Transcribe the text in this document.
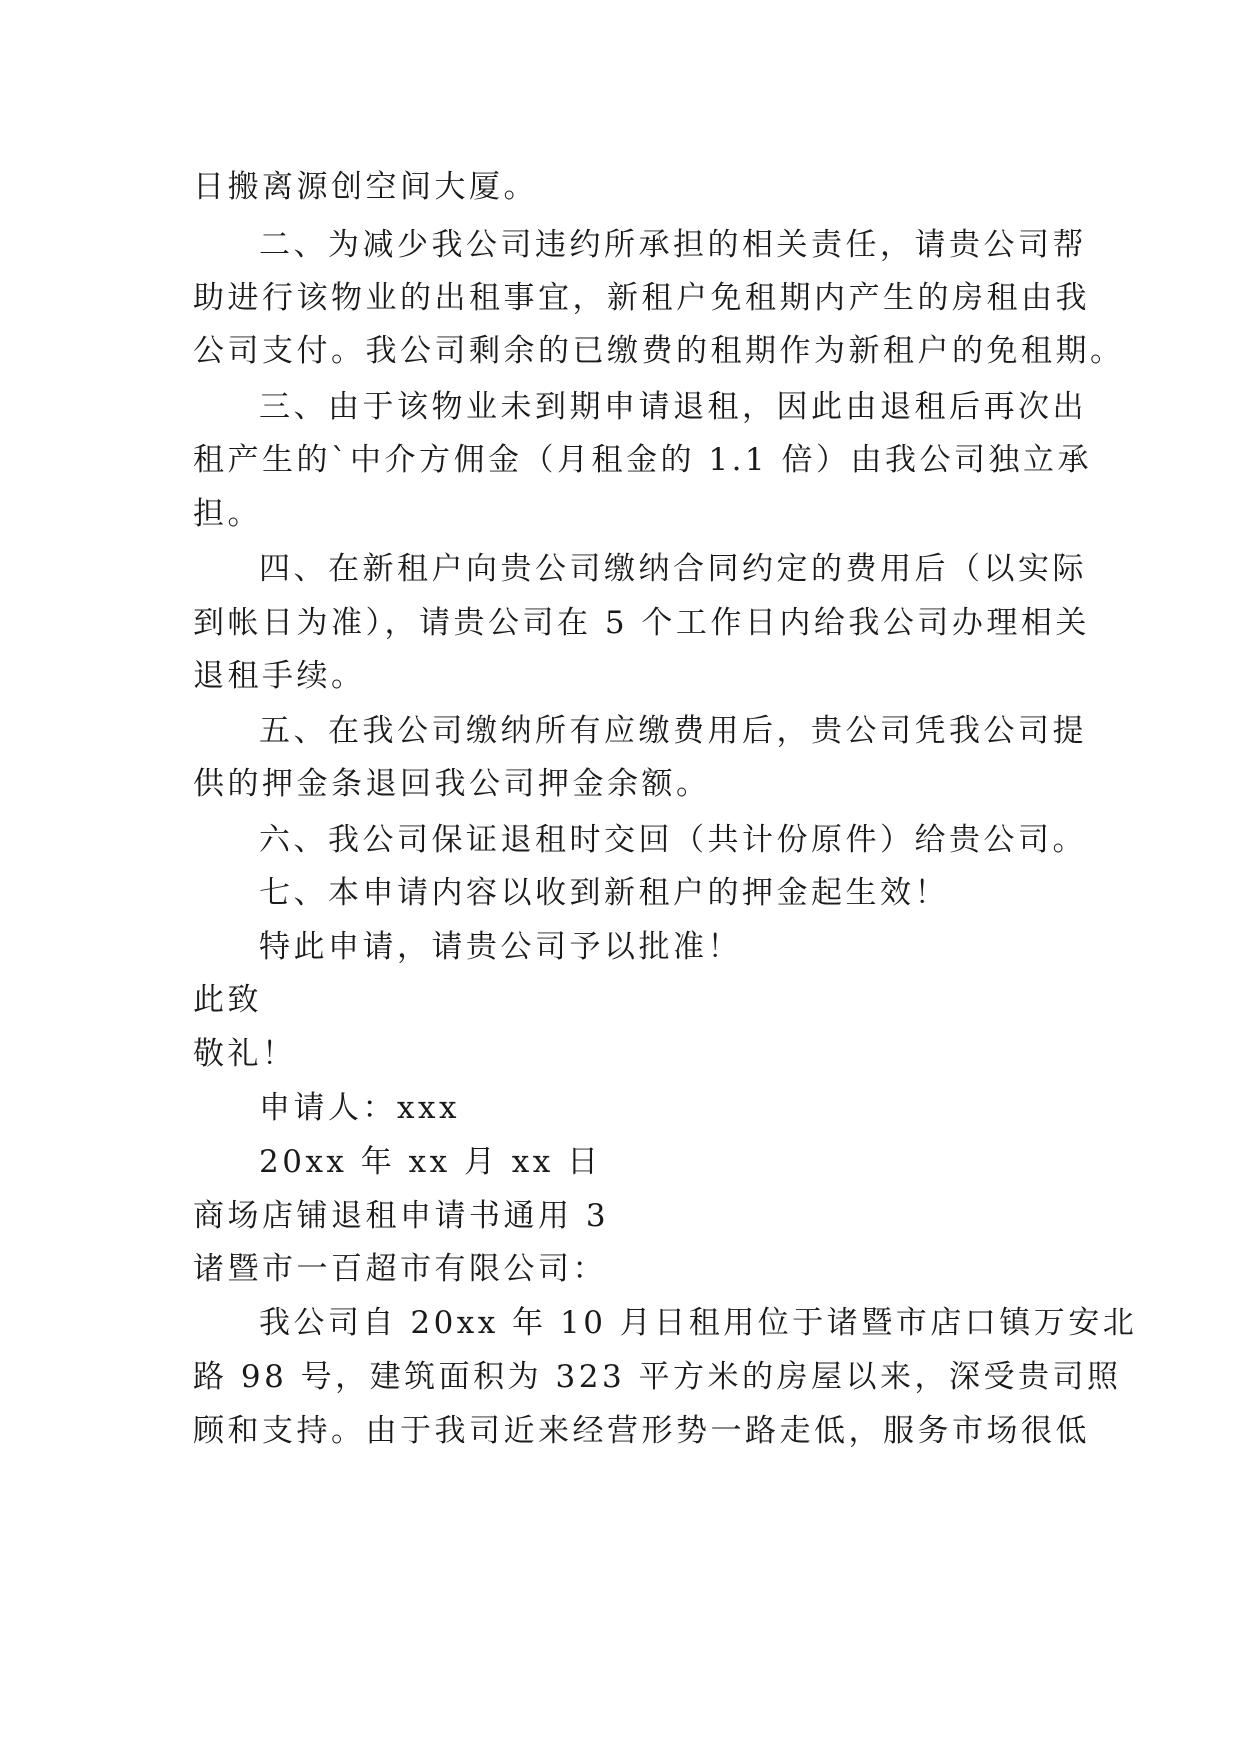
日搬离源创空间大厦。
二、为减少我公司违约所承担的相关责任，请贵公司帮
助进行该物业的出租事宜，新租户免租期内产生的房租由我
公司支付。我公司剩余的已缴费的租期作为新租户的免租期。
三、由于该物业未到期申请退租，因此由退租后再次出
租产生的`中介方佣金（月租金的 1.1 倍）由我公司独立承
担。
四、在新租户向贵公司缴纳合同约定的费用后（以实际
到帐日为准），请贵公司在 5 个工作日内给我公司办理相关
退租手续。
五、在我公司缴纳所有应缴费用后，贵公司凭我公司提
供的押金条退回我公司押金余额。
六、我公司保证退租时交回（共计份原件）给贵公司。
七、本申请内容以收到新租户的押金起生效！
特此申请，请贵公司予以批准！
此致
敬礼！
申请人：xxx
20xx 年 xx 月 xx 日
商场店铺退租申请书通用 3
诸暨市一百超市有限公司：
我公司自 20xx 年 10 月日租用位于诸暨市店口镇万安北
路 98 号，建筑面积为 323 平方米的房屋以来，深受贵司照
顾和支持。由于我司近来经营形势一路走低，服务市场很低
